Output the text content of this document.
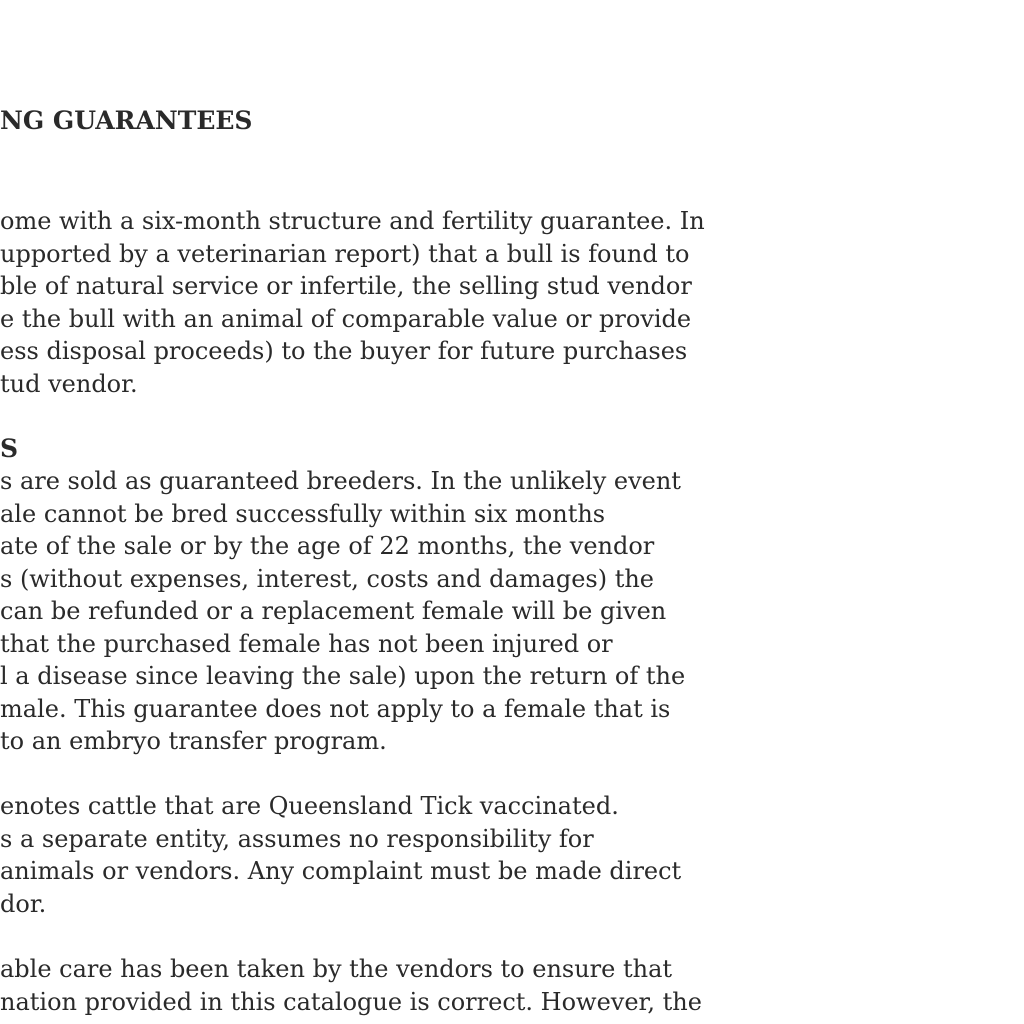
NG GUARANTEES

ome with a six-month structure and fertility guarantee. In
upported by a veterinarian report) that a bull is found to
ble of natural service or infertile, the selling stud vendor
e the bull with an animal of comparable value or provide
ess disposal proceeds) to the buyer for future purchases
tud vendor.

S

s are sold as guaranteed breeders. In the unlikely event
ale cannot be bred successfully within six months
ate of the sale or by the age of 22 months, the vendor
s (without expenses, interest, costs and damages) the
can be refunded or a replacement female will be given
that the purchased female has not been injured or
l a disease since leaving the sale) upon the return of the
male. This guarantee does not apply to a female that is
to an embryo transfer program.

enotes cattle that are Queensland Tick vaccinated.
s a separate entity, assumes no responsibility for
animals or vendors. Any complaint must be made direct
dor.

able care has been taken by the vendors to ensure that
nation provided in this catalogue is correct. However, the
